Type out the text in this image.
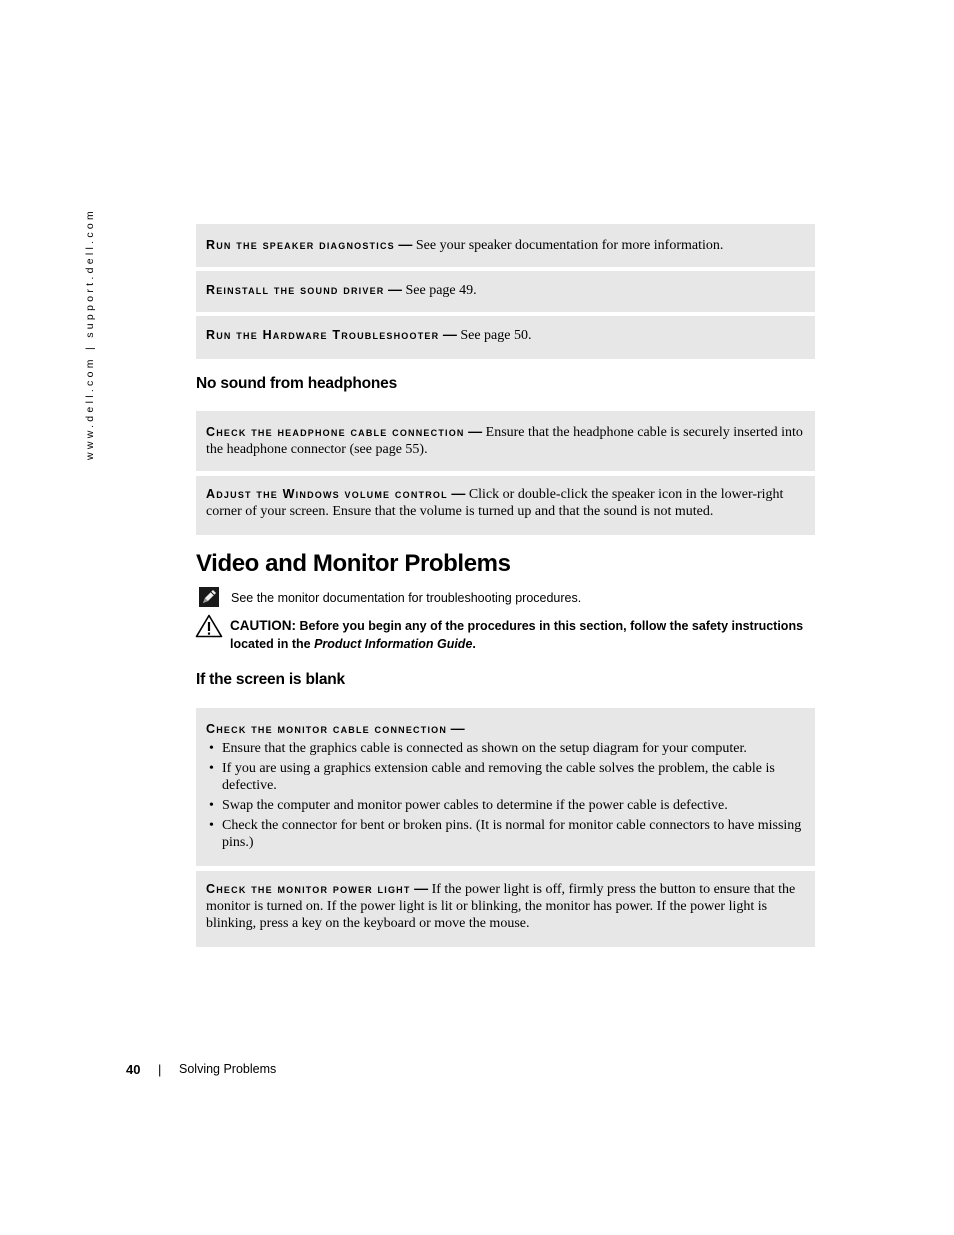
www.dell.com | support.dell.com	Run the speaker diagnostics — See your speaker documentation for more information.
Reinstall the sound driver — See page 49.
Run the Hardware Troubleshooter — See page 50.
No sound from headphones
Check the headphone cable connection — Ensure that the headphone cable is securely inserted into the headphone connector (see page 55).
Adjust the Windows volume control — Click or double-click the speaker icon in the lower-right corner of your screen. Ensure that the volume is turned up and that the sound is not muted.
Video and Monitor Problems
See the monitor documentation for troubleshooting procedures.
CAUTION: Before you begin any of the procedures in this section, follow the safety instructions located in the Product Information Guide.
If the screen is blank
Check the monitor cable connection —
• Ensure that the graphics cable is connected as shown on the setup diagram for your computer.
• If you are using a graphics extension cable and removing the cable solves the problem, the cable is defective.
• Swap the computer and monitor power cables to determine if the power cable is defective.
• Check the connector for bent or broken pins. (It is normal for monitor cable connectors to have missing pins.)
Check the monitor power light — If the power light is off, firmly press the button to ensure that the monitor is turned on. If the power light is lit or blinking, the monitor has power. If the power light is blinking, press a key on the keyboard or move the mouse.
40 | Solving Problems
